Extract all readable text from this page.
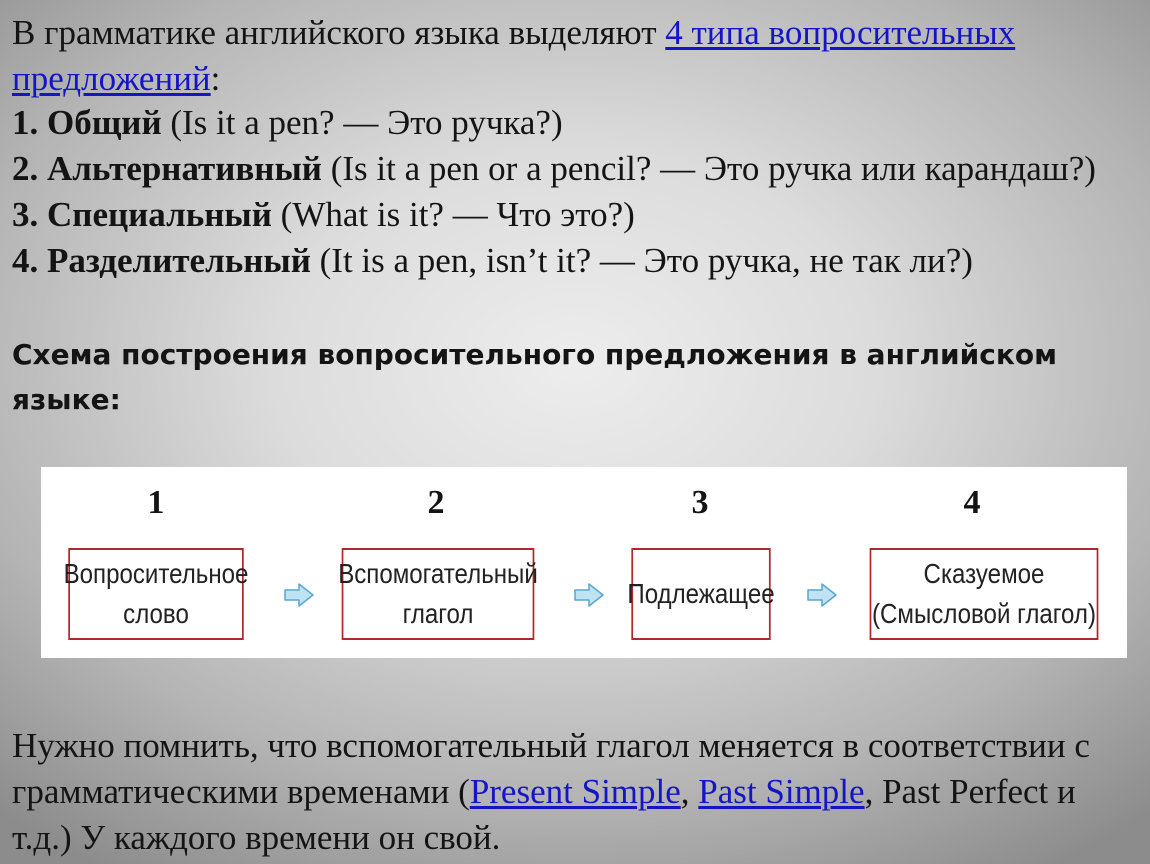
В грамматике английского языка выделяют 4 типа вопросительных предложений:
1. Общий (Is it a pen? — Это ручка?)
2. Альтернативный (Is it a pen or a pencil? — Это ручка или карандаш?)
3. Специальный (What is it? — Что это?)
4. Разделительный (It is a pen, isn’t it? — Это ручка, не так ли?)

Схема построения вопросительного предложения в английском языке:

1	2	3	4
Вопросительное
слово
Вспомогательный
глагол
Подлежащее
Сказуемое
(Смысловой глагол)
Нужно помнить, что вспомогательный глагол меняется в соответствии с грамматическими временами (Present Simple, Past Simple, Past Perfect и т.д.) У каждого времени он свой.
